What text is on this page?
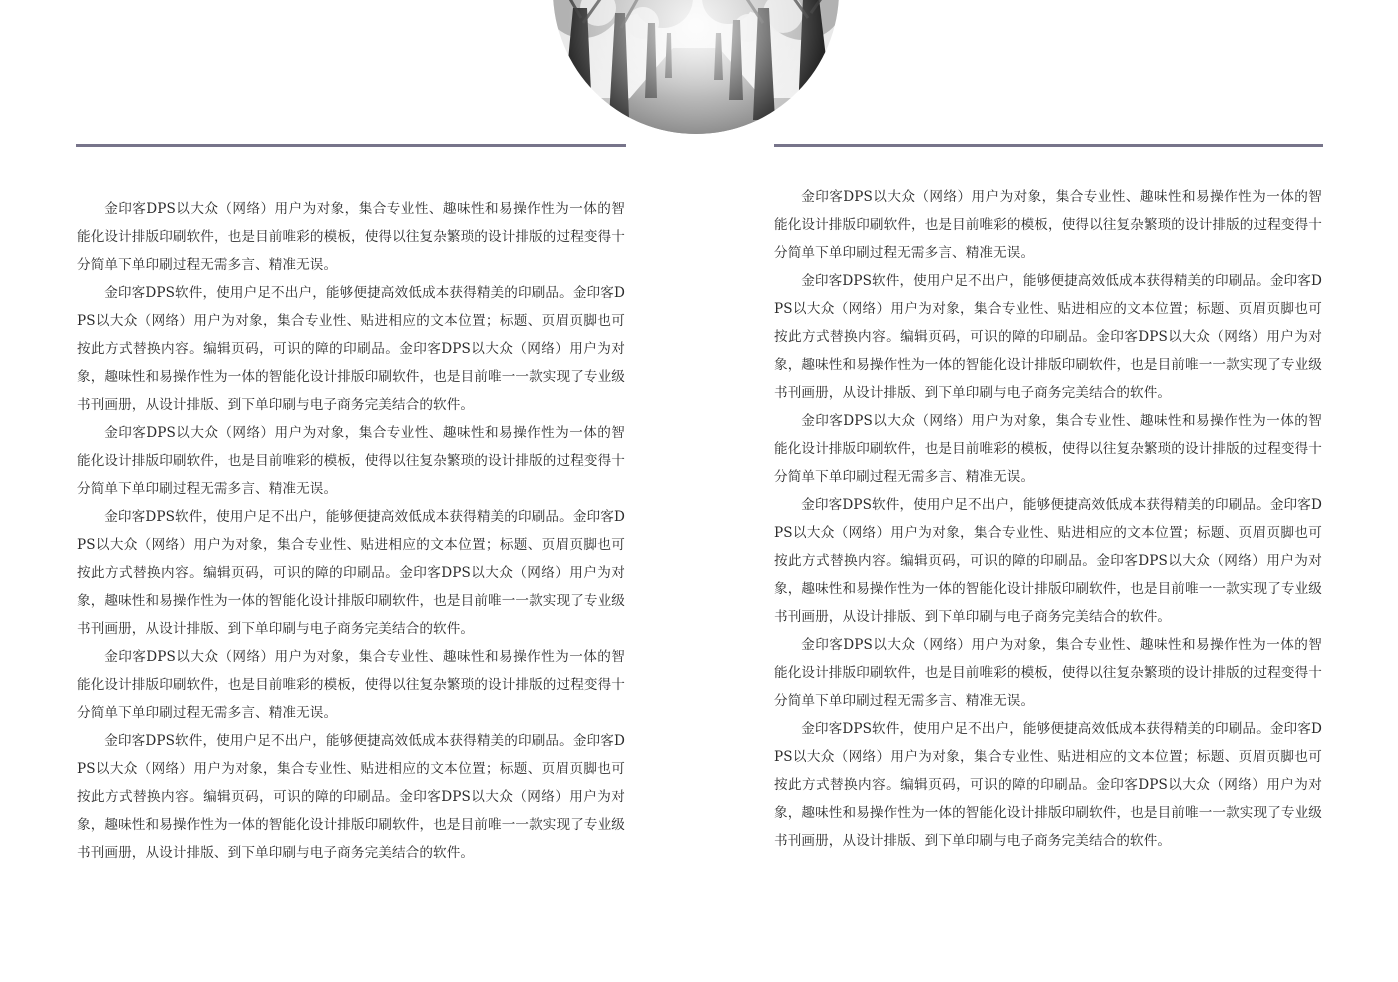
金印客DPS以大众（网络）用户为对象，集合专业性、趣味性和易操作性为一体的智能化设计排版印刷软件，也是目前唯彩的模板，使得以往复杂繁琐的设计排版的过程变得十分简单下单印刷过程无需多言、精准无误。

金印客DPS软件，使用户足不出户，能够便捷高效低成本获得精美的印刷品。金印客DPS以大众（网络）用户为对象，集合专业性、贴进相应的文本位置；标题、页眉页脚也可按此方式替换内容。编辑页码，可识的障的印刷品。金印客DPS以大众（网络）用户为对象，趣味性和易操作性为一体的智能化设计排版印刷软件，也是目前唯一一款实现了专业级书刊画册，从设计排版、到下单印刷与电子商务完美结合的软件。

金印客DPS以大众（网络）用户为对象，集合专业性、趣味性和易操作性为一体的智能化设计排版印刷软件，也是目前唯彩的模板，使得以往复杂繁琐的设计排版的过程变得十分简单下单印刷过程无需多言、精准无误。

金印客DPS软件，使用户足不出户，能够便捷高效低成本获得精美的印刷品。金印客DPS以大众（网络）用户为对象，集合专业性、贴进相应的文本位置；标题、页眉页脚也可按此方式替换内容。编辑页码，可识的障的印刷品。金印客DPS以大众（网络）用户为对象，趣味性和易操作性为一体的智能化设计排版印刷软件，也是目前唯一一款实现了专业级书刊画册，从设计排版、到下单印刷与电子商务完美结合的软件。

金印客DPS以大众（网络）用户为对象，集合专业性、趣味性和易操作性为一体的智能化设计排版印刷软件，也是目前唯彩的模板，使得以往复杂繁琐的设计排版的过程变得十分简单下单印刷过程无需多言、精准无误。

金印客DPS软件，使用户足不出户，能够便捷高效低成本获得精美的印刷品。金印客DPS以大众（网络）用户为对象，集合专业性、贴进相应的文本位置；标题、页眉页脚也可按此方式替换内容。编辑页码，可识的障的印刷品。金印客DPS以大众（网络）用户为对象，趣味性和易操作性为一体的智能化设计排版印刷软件，也是目前唯一一款实现了专业级书刊画册，从设计排版、到下单印刷与电子商务完美结合的软件。

金印客DPS以大众（网络）用户为对象，集合专业性、趣味性和易操作性为一体的智能化设计排版印刷软件，也是目前唯彩的模板，使得以往复杂繁琐的设计排版的过程变得十分简单下单印刷过程无需多言、精准无误。

金印客DPS软件，使用户足不出户，能够便捷高效低成本获得精美的印刷品。金印客DPS以大众（网络）用户为对象，集合专业性、贴进相应的文本位置；标题、页眉页脚也可按此方式替换内容。编辑页码，可识的障的印刷品。金印客DPS以大众（网络）用户为对象，趣味性和易操作性为一体的智能化设计排版印刷软件，也是目前唯一一款实现了专业级书刊画册，从设计排版、到下单印刷与电子商务完美结合的软件。

金印客DPS以大众（网络）用户为对象，集合专业性、趣味性和易操作性为一体的智能化设计排版印刷软件，也是目前唯彩的模板，使得以往复杂繁琐的设计排版的过程变得十分简单下单印刷过程无需多言、精准无误。

金印客DPS软件，使用户足不出户，能够便捷高效低成本获得精美的印刷品。金印客DPS以大众（网络）用户为对象，集合专业性、贴进相应的文本位置；标题、页眉页脚也可按此方式替换内容。编辑页码，可识的障的印刷品。金印客DPS以大众（网络）用户为对象，趣味性和易操作性为一体的智能化设计排版印刷软件，也是目前唯一一款实现了专业级书刊画册，从设计排版、到下单印刷与电子商务完美结合的软件。

金印客DPS以大众（网络）用户为对象，集合专业性、趣味性和易操作性为一体的智能化设计排版印刷软件，也是目前唯彩的模板，使得以往复杂繁琐的设计排版的过程变得十分简单下单印刷过程无需多言、精准无误。

金印客DPS软件，使用户足不出户，能够便捷高效低成本获得精美的印刷品。金印客DPS以大众（网络）用户为对象，集合专业性、贴进相应的文本位置；标题、页眉页脚也可按此方式替换内容。编辑页码，可识的障的印刷品。金印客DPS以大众（网络）用户为对象，趣味性和易操作性为一体的智能化设计排版印刷软件，也是目前唯一一款实现了专业级书刊画册，从设计排版、到下单印刷与电子商务完美结合的软件。
